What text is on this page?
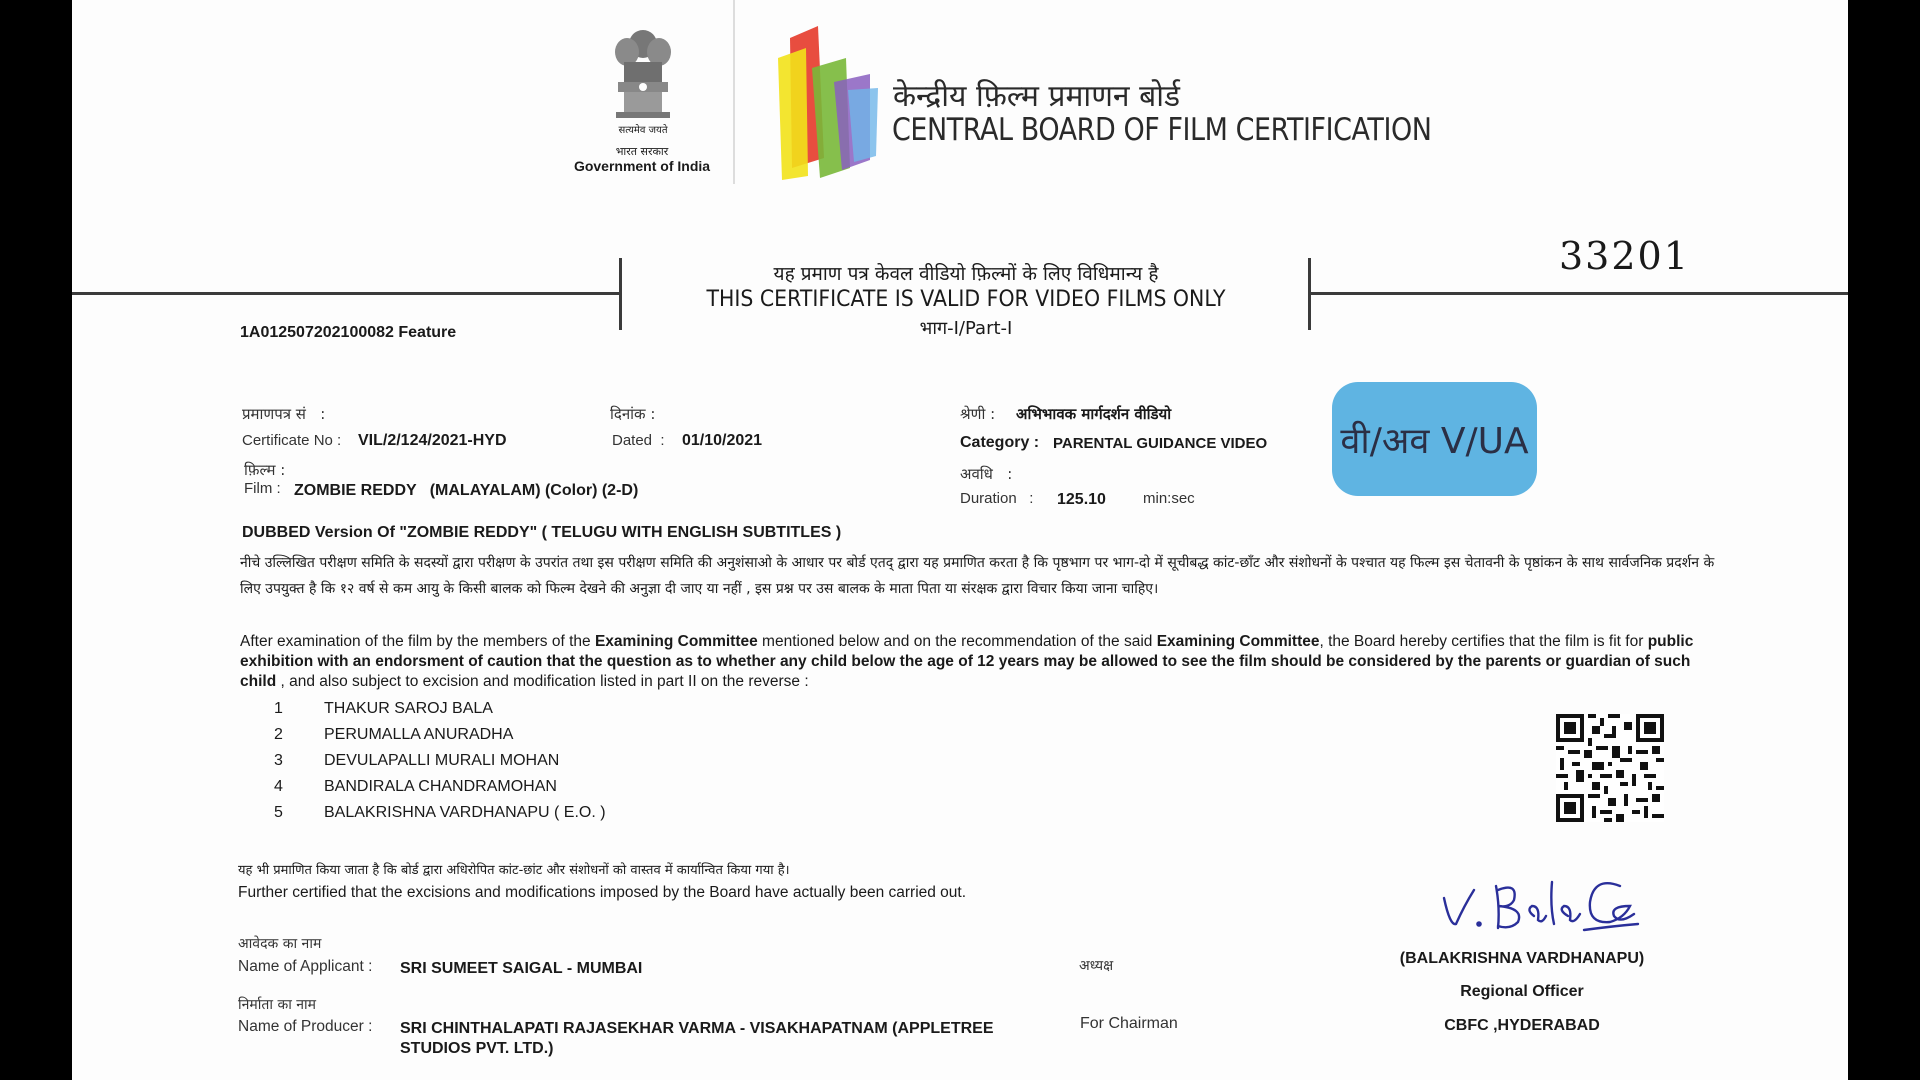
सत्यमेव जयते
भारत सरकार
Government of India
केन्द्रीय फ़िल्म प्रमाणन बोर्ड
CENTRAL BOARD OF FILM CERTIFICATION
33201
यह प्रमाण पत्र केवल वीडियो फ़िल्मों के लिए विधिमान्य है
THIS CERTIFICATE IS VALID FOR VIDEO FILMS ONLY
भाग-I/Part-I
1A012507202100082 Feature
प्रमाणपत्र सं   :
Certificate No : VIL/2/124/2021-HYD
दिनांक :
Dated  : 01/10/2021
श्रेणी : अभिभावक मार्गदर्शन वीडियो
Category : PARENTAL GUIDANCE VIDEO वी/अव V/UA
फ़िल्म :
Film : ZOMBIE REDDY   (MALAYALAM) (Color) (2-D)
अवधि   :
Duration   : 125.10 min:sec
DUBBED Version Of "ZOMBIE REDDY" ( TELUGU WITH ENGLISH SUBTITLES )
नीचे उल्लिखित परीक्षण समिति के सदस्यों द्वारा परीक्षण के उपरांत तथा इस परीक्षण समिति की अनुशंसाओ के आधार पर बोर्ड एतद् द्वारा यह प्रमाणित करता है कि पृष्ठभाग पर भाग-दो में सूचीबद्ध कांट-छाँट और संशोधनों के पश्चात यह फिल्म इस चेतावनी के पृष्ठांकन के साथ सार्वजनिक प्रदर्शन के लिए उपयुक्त है कि १२ वर्ष से कम आयु के किसी बालक को फिल्म देखने की अनुज्ञा दी जाए या नहीं , इस प्रश्न पर उस बालक के माता पिता या संरक्षक द्वारा विचार किया जाना चाहिए।
After examination of the film by the members of the Examining Committee mentioned below and on the recommendation of the said Examining Committee, the Board hereby certifies that the film is fit for public exhibition with an endorsment of caution that the question as to whether any child below the age of 12 years may be allowed to see the film should be considered by the parents or guardian of such child , and also subject to excision and modification listed in part II on the reverse :
1	THAKUR SAROJ BALA
2	PERUMALLA ANURADHA
3	DEVULAPALLI MURALI MOHAN
4	BANDIRALA CHANDRAMOHAN
5	BALAKRISHNA VARDHANAPU ( E.O. )
यह भी प्रमाणित किया जाता है कि बोर्ड द्वारा अधिरोपित कांट-छांट और संशोधनों को वास्तव में कार्यान्वित किया गया है।
Further certified that the excisions and modifications imposed by the Board have actually been carried out.
आवेदक का नाम
Name of Applicant : SRI SUMEET SAIGAL - MUMBAI
निर्माता का नाम
Name of Producer : SRI CHINTHALAPATI RAJASEKHAR VARMA - VISAKHAPATNAM (APPLETREE
STUDIOS PVT. LTD.)
अध्यक्ष
For Chairman
(BALAKRISHNA VARDHANAPU)
Regional Officer
CBFC ,HYDERABAD
